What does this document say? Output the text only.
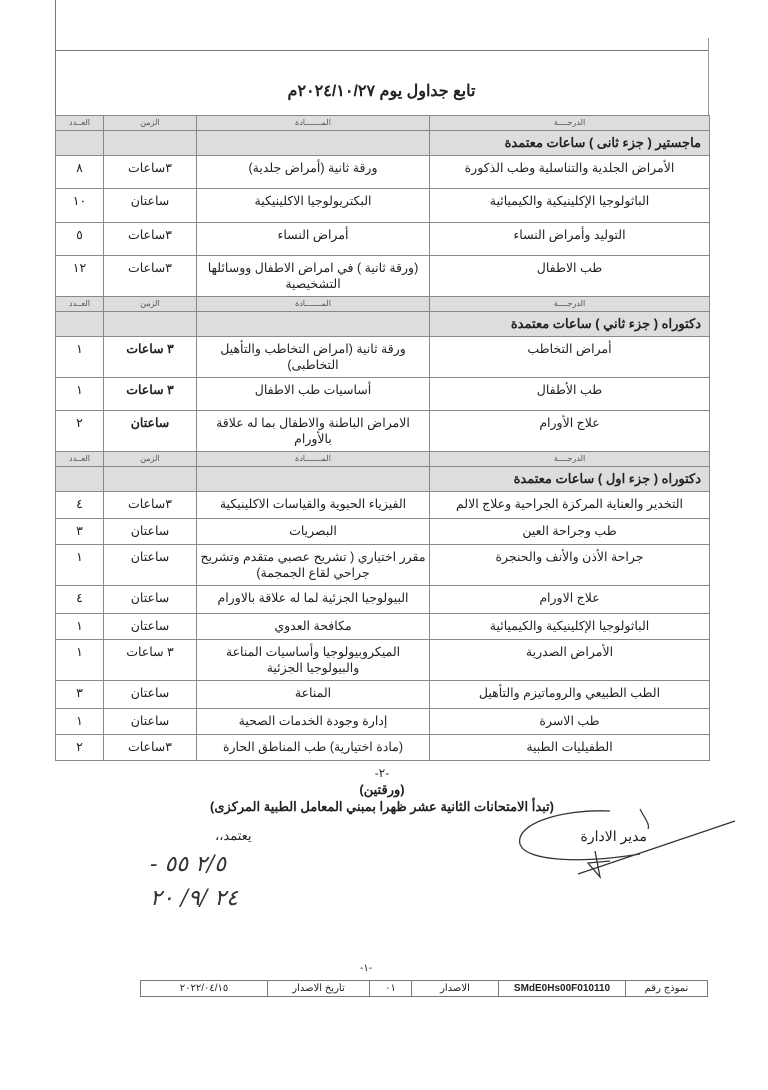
تابع جداول يوم ٢٠٢٤/١٠/٢٧م
الدرجــــة	المـــــــادة	الزمن	العــدد
ماجستير ( جزء ثانى ) ساعات معتمدة			
الأمراض الجلدية والتناسلية وطب الذكورة	ورقة ثانية (أمراض جلدية)	٣ساعات	٨
الباثولوجيا الإكلينيكية والكيميائية	البكتريولوجيا الاكلينيكية	ساعتان	١٠
التوليد وأمراض النساء	أمراض النساء	٣ساعات	٥
طب الاطفال	(ورقة ثانية ) في امراض الاطفال ووسائلها التشخيصية	٣ساعات	١٢
الدرجــــة	المـــــــادة	الزمن	العــدد
دكتوراه ( جزء ثاني ) ساعات معتمدة			
أمراض التخاطب	ورقة ثانية (امراض التخاطب والتأهيل التخاطبى)	٣ ساعات	١
طب الأطفال	أساسيات طب الاطفال	٣ ساعات	١
علاج الأورام	الامراض الباطنة والاطفال بما له علاقة بالأورام	ساعتان	٢
الدرجــــة	المـــــــادة	الزمن	العــدد
دكتوراه ( جزء اول ) ساعات معتمدة			
التخدير والعناية المركزة الجراحية وعلاج الالم	الفيزياء الحيوية والقياسات الاكلينيكية	٣ساعات	٤
طب وجراحة العين	البصريات	ساعتان	٣
جراحة الأذن والأنف والحنجرة	مقرر اختياري ( تشريح عصبي متقدم وتشريح جراحي لقاع الجمجمة)	ساعتان	١
علاج الاورام	البيولوجيا الجزئية لما له علاقة بالاورام	ساعتان	٤
الباثولوجيا الإكلينيكية والكيميائية	مكافحة العدوي	ساعتان	١
الأمراض الصدرية	الميكروبيولوجيا وأساسيات المناعة والبيولوجيا الجزئية	٣ ساعات	١
الطب الطبيعي والروماتيزم والتأهيل	المناعة	ساعتان	٣
طب الاسرة	إدارة وجودة الخدمات الصحية	ساعتان	١
الطفيليات الطبية	(مادة اختيارية) طب المناطق الحارة	٣ساعات	٢
-٢-
(ورقتين)
(تبدأ الامتحانات الثانية عشر ظهرا بمبني المعامل الطبية المركزى)
مدير الادارة
يعتمد،،
- ٢/٥ ٥٥
٢٤ /٩/ ٢٠
-١-
نموذج رقم	SMdE0Hs00F010110	الاصدار	٠١	تاريخ الاصدار	٢٠٢٢/٠٤/١٥
